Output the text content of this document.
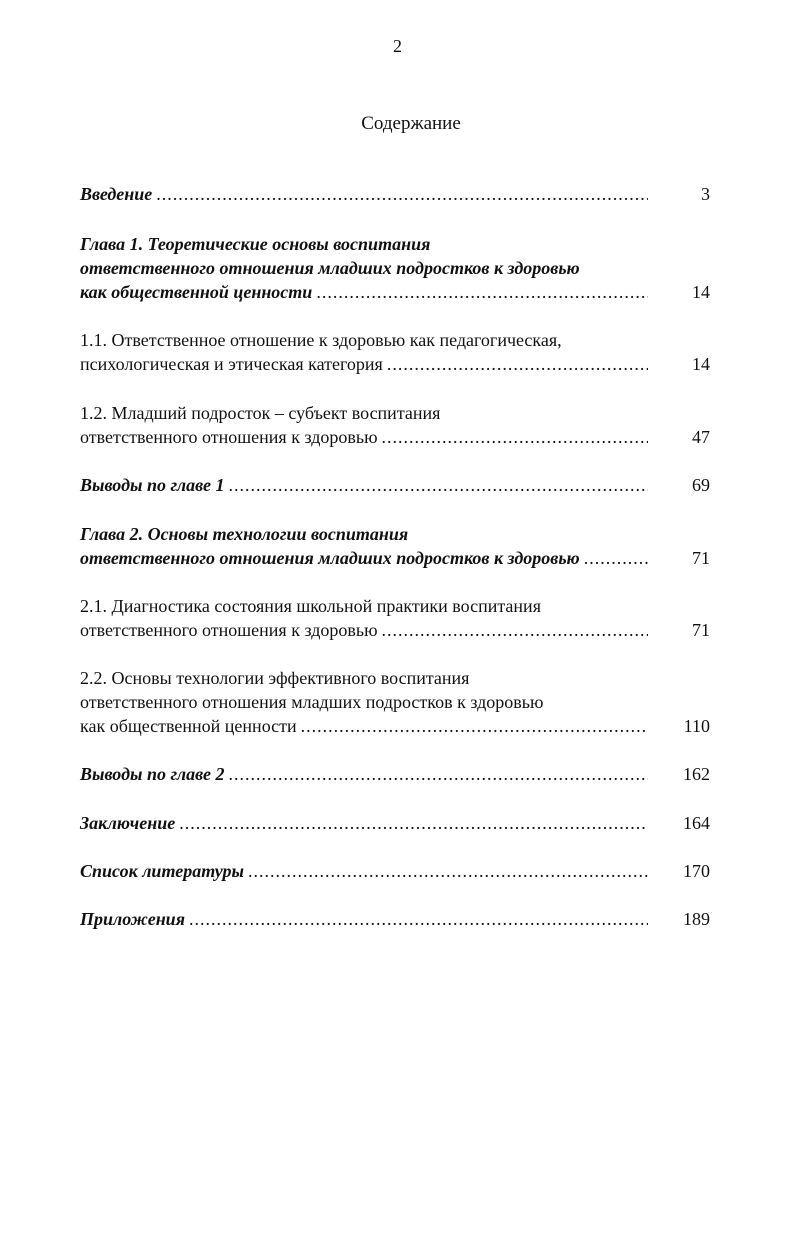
2
Содержание
Введение .....	3
Глава 1. Теоретические основы воспитания
ответственного отношения младших подростков к здоровью
как общественной ценности .....	14
1.1. Ответственное отношение к здоровью как педагогическая,
психологическая и этическая категория .....	14
1.2. Младший подросток – субъект воспитания
ответственного отношения к здоровью .....	47
Выводы по главе 1 .....	69
Глава 2. Основы технологии воспитания
ответственного отношения младших подростков к здоровью .....	71
2.1. Диагностика состояния школьной практики воспитания
ответственного отношения к здоровью .....	71
2.2. Основы технологии эффективного воспитания
ответственного отношения младших подростков к здоровью
как общественной ценности .....	110
Выводы по главе 2 .....	162
Заключение .....	164
Список литературы .....	170
Приложения .....	189
